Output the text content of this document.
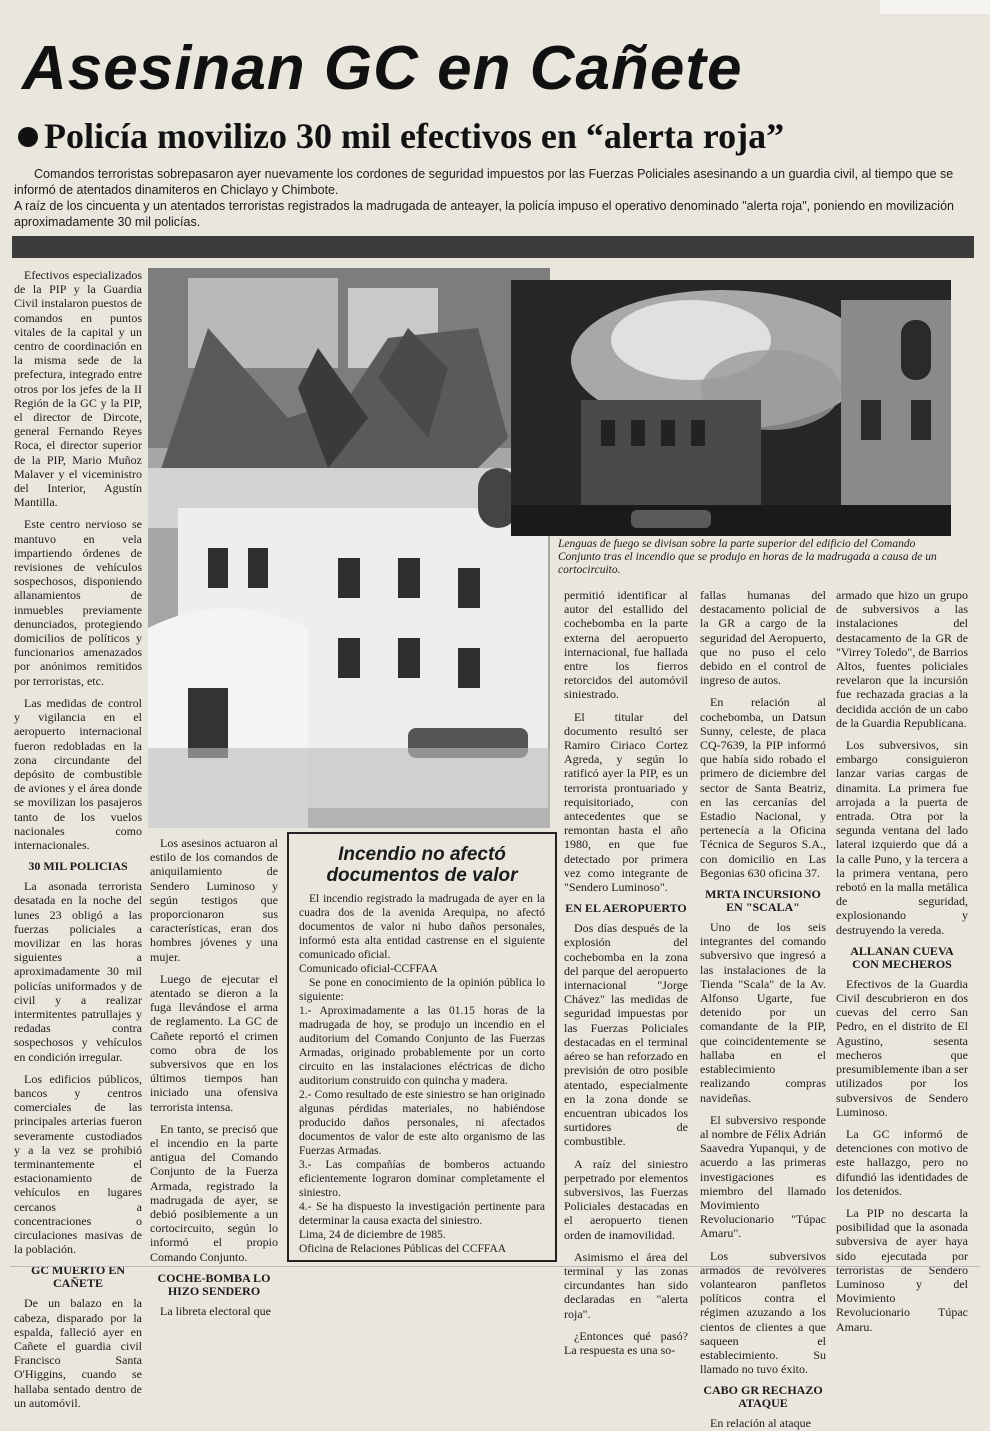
Asesinan GC en Cañete
Policía movilizo 30 mil efectivos en “alerta roja”

Comandos terroristas sobrepasaron ayer nuevamente los cordones de seguridad impuestos por las Fuerzas Policiales asesinando a un guardia civil, al tiempo que se informó de atentados dinamiteros en Chiclayo y Chimbote.

A raíz de los cincuenta y un atentados terroristas registrados la madrugada de anteayer, la policía impuso el operativo denominado "alerta roja", poniendo en movilización aproximadamente 30 mil policías.

Efectivos especializados de la PIP y la Guardia Civil instalaron puestos de comandos en puntos vitales de la capital y un centro de coordinación en la misma sede de la prefectura, integrado entre otros por los jefes de la II Región de la GC y la PIP, el director de Dircote, general Fernando Reyes Roca, el director superior de la PIP, Mario Muñoz Malaver y el viceministro del Interior, Agustín Mantilla.

Este centro nervioso se mantuvo en vela impartiendo órdenes de revisiones de vehículos sospechosos, disponiendo allanamientos de inmuebles previamente denunciados, protegiendo domicilios de políticos y funcionarios amenazados por anónimos remitidos por terroristas, etc.

Las medidas de control y vigilancia en el aeropuerto internacional fueron redobladas en la zona circundante del depósito de combustible de aviones y el área donde se movilizan los pasajeros tanto de los vuelos nacionales como internacionales.

30 MIL POLICIAS

La asonada terrorista desatada en la noche del lunes 23 obligó a las fuerzas policiales a movilizar en las horas siguientes a aproximadamente 30 mil policías uniformados y de civil y a realizar intermitentes patrullajes y redadas contra sospechosos y vehículos en condición irregular.

Los edificios públicos, bancos y centros comerciales de las principales arterias fueron severamente custodiados y a la vez se prohibió terminantemente el estacionamiento de vehículos en lugares cercanos a concentraciones o circulaciones masivas de la población.

GC MUERTO EN CAÑETE

De un balazo en la cabeza, disparado por la espalda, falleció ayer en Cañete el guardia civil Francisco Santa O'Higgins, cuando se hallaba sentado dentro de un automóvil.

Lenguas de fuego se divisan sobre la parte superior del edificio del Comando Conjunto tras el incendio que se produjo en horas de la madrugada a causa de un cortocircuito.

Los asesinos actuaron al estilo de los comandos de aniquilamiento de Sendero Luminoso y según testigos que proporcionaron sus características, eran dos hombres jóvenes y una mujer.

Luego de ejecutar el atentado se dieron a la fuga llevándose el arma de reglamento. La GC de Cañete reportó el crimen como obra de los subversivos que en los últimos tiempos han iniciado una ofensiva terrorista intensa.

En tanto, se precisó que el incendio en la parte antigua del Comando Conjunto de la Fuerza Armada, registrado la madrugada de ayer, se debió posiblemente a un cortocircuito, según lo informó el propio Comando Conjunto.

COCHE-BOMBA LO HIZO SENDERO

La libreta electoral que

Incendio no afectó documentos de valor

El incendio registrado la madrugada de ayer en la cuadra dos de la avenida Arequipa, no afectó documentos de valor ni hubo daños personales, informó esta alta entidad castrense en el siguiente comunicado oficial.

Comunicado oficial-CCFFAA

Se pone en conocimiento de la opinión pública lo siguiente:

1.- Aproximadamente a las 01.15 horas de la madrugada de hoy, se produjo un incendio en el auditorium del Comando Conjunto de las Fuerzas Armadas, originado probablemente por un corto circuito en las instalaciones eléctricas de dicho auditorium construido con quincha y madera.

2.- Como resultado de este siniestro se han originado algunas pérdidas materiales, no habiéndose producido daños personales, ni afectados documentos de valor de este alto organismo de las Fuerzas Armadas.

3.- Las compañías de bomberos actuando eficientemente lograron dominar completamente el siniestro.

4.- Se ha dispuesto la investigación pertinente para determinar la causa exacta del siniestro.

Lima, 24 de diciembre de 1985.

Oficina de Relaciones Públicas del CCFFAA

permitió identificar al autor del estallido del cochebomba en la parte externa del aeropuerto internacional, fue hallada entre los fierros retorcidos del automóvil siniestrado.

El titular del documento resultó ser Ramiro Ciriaco Cortez Agreda, y según lo ratificó ayer la PIP, es un terrorista prontuariado y requisitoriado, con antecedentes que se remontan hasta el año 1980, en que fue detectado por primera vez como integrante de "Sendero Luminoso".

EN EL AEROPUERTO

Dos días después de la explosión del cochebomba en la zona del parque del aeropuerto internacional "Jorge Chávez" las medidas de seguridad impuestas por las Fuerzas Policiales destacadas en el terminal aéreo se han reforzado en previsión de otro posible atentado, especialmente en la zona donde se encuentran ubicados los surtidores de combustible.

A raíz del siniestro perpetrado por elementos subversivos, las Fuerzas Policiales destacadas en el aeropuerto tienen orden de inamovilidad.

Asimismo el área del terminal y las zonas circundantes han sido declaradas en "alerta roja".

¿Entonces qué pasó? La respuesta es una so-

fallas humanas del destacamento policial de la GR a cargo de la seguridad del Aeropuerto, que no puso el celo debido en el control de ingreso de autos.

En relación al cochebomba, un Datsun Sunny, celeste, de placa CQ-7639, la PIP informó que había sido robado el primero de diciembre del sector de Santa Beatriz, en las cercanías del Estadio Nacional, y pertenecía a la Oficina Técnica de Seguros S.A., con domicilio en Las Begonias 630 oficina 37.

MRTA INCURSIONO EN "SCALA"

Uno de los seis integrantes del comando subversivo que ingresó a las instalaciones de la Tienda "Scala" de la Av. Alfonso Ugarte, fue detenido por un comandante de la PIP, que coincidentemente se hallaba en el establecimiento realizando compras navideñas.

El subversivo responde al nombre de Félix Adrián Saavedra Yupanqui, y de acuerdo a las primeras investigaciones es miembro del llamado Movimiento Revolucionario "Túpac Amaru".

Los subversivos armados de revólveres volantearon panfletos políticos contra el régimen azuzando a los cientos de clientes a que saqueen el establecimiento. Su llamado no tuvo éxito.

CABO GR RECHAZO ATAQUE

En relación al ataque

armado que hizo un grupo de subversivos a las instalaciones del destacamento de la GR de "Virrey Toledo", de Barrios Altos, fuentes policiales revelaron que la incursión fue rechazada gracias a la decidida acción de un cabo de la Guardia Republicana.

Los subversivos, sin embargo consiguieron lanzar varias cargas de dinamita. La primera fue arrojada a la puerta de entrada. Otra por la segunda ventana del lado lateral izquierdo que dá a la calle Puno, y la tercera a la primera ventana, pero rebotó en la malla metálica de seguridad, explosionando y destruyendo la vereda.

ALLANAN CUEVA CON MECHEROS

Efectivos de la Guardia Civil descubrieron en dos cuevas del cerro San Pedro, en el distrito de El Agustino, sesenta mecheros que presumiblemente iban a ser utilizados por los subversivos de Sendero Luminoso.

La GC informó de detenciones con motivo de este hallazgo, pero no difundió las identidades de los detenidos.

La PIP no descarta la posibilidad que la asonada subversiva de ayer haya sido ejecutada por terroristas de Sendero Luminoso y del Movimiento Revolucionario Túpac Amaru.
